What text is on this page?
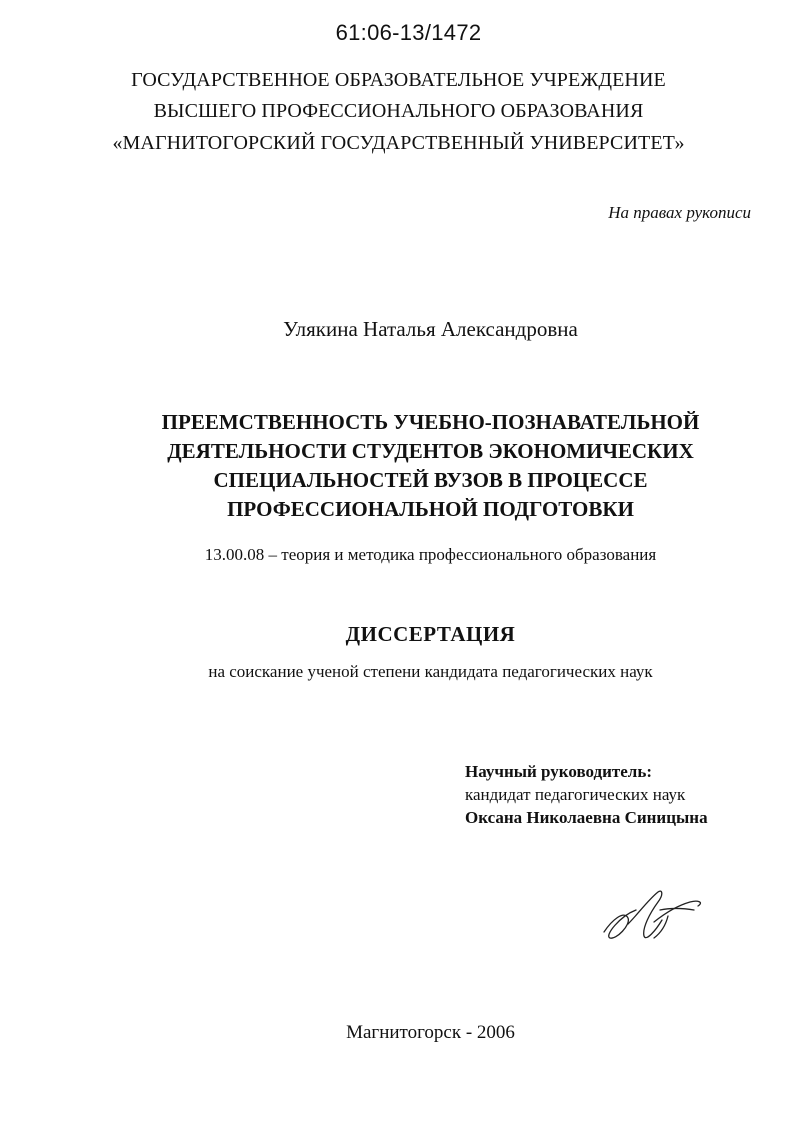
61:06-13/1472
ГОСУДАРСТВЕННОЕ ОБРАЗОВАТЕЛЬНОЕ УЧРЕЖДЕНИЕ
ВЫСШЕГО ПРОФЕССИОНАЛЬНОГО ОБРАЗОВАНИЯ
«МАГНИТОГОРСКИЙ ГОСУДАРСТВЕННЫЙ УНИВЕРСИТЕТ»
На правах рукописи
Улякина Наталья Александровна
ПРЕЕМСТВЕННОСТЬ УЧЕБНО-ПОЗНАВАТЕЛЬНОЙ
ДЕЯТЕЛЬНОСТИ СТУДЕНТОВ ЭКОНОМИЧЕСКИХ
СПЕЦИАЛЬНОСТЕЙ ВУЗОВ В ПРОЦЕССЕ
ПРОФЕССИОНАЛЬНОЙ ПОДГОТОВКИ
13.00.08 – теория и методика профессионального образования
ДИССЕРТАЦИЯ
на соискание ученой степени кандидата педагогических наук
Научный руководитель:
кандидат педагогических наук
Оксана Николаевна Синицына
Магнитогорск - 2006
